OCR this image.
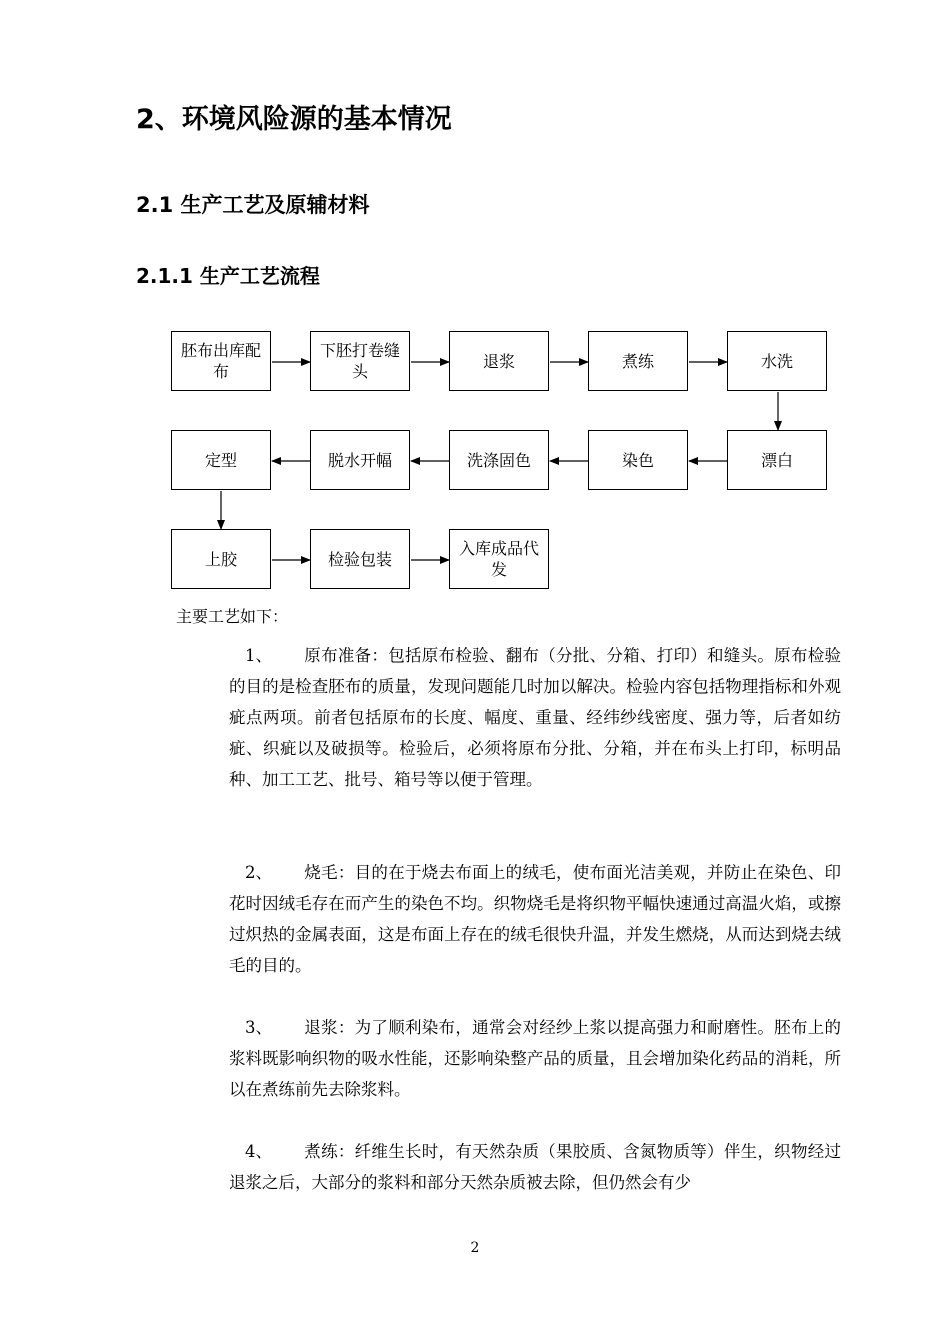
2、环境风险源的基本情况
2.1 生产工艺及原辅材料
2.1.1 生产工艺流程
胚布出库配布
下胚打卷缝头
退浆	煮练	水洗
漂白
染色
洗涤固色
脱水开幅
定型
上胶	检验包装
入库成品代发
主要工艺如下：
1、 原布准备：包括原布检验、翻布（分批、分箱、打印）和缝头。原布检验的目的是检查胚布的质量，发现问题能几时加以解决。检验内容包括物理指标和外观疵点两项。前者包括原布的长度、幅度、重量、经纬纱线密度、强力等，后者如纺疵、织疵以及破损等。检验后，必须将原布分批、分箱，并在布头上打印，标明品种、加工工艺、批号、箱号等以便于管理。
2、 烧毛：目的在于烧去布面上的绒毛，使布面光洁美观，并防止在染色、印花时因绒毛存在而产生的染色不均。织物烧毛是将织物平幅快速通过高温火焰，或擦过炽热的金属表面，这是布面上存在的绒毛很快升温，并发生燃烧，从而达到烧去绒毛的目的。
3、 退浆：为了顺利染布，通常会对经纱上浆以提高强力和耐磨性。胚布上的浆料既影响织物的吸水性能，还影响染整产品的质量，且会增加染化药品的消耗，所以在煮练前先去除浆料。
4、 煮练：纤维生长时，有天然杂质（果胶质、含氮物质等）伴生，织物经过退浆之后，大部分的浆料和部分天然杂质被去除，但仍然会有少
2
